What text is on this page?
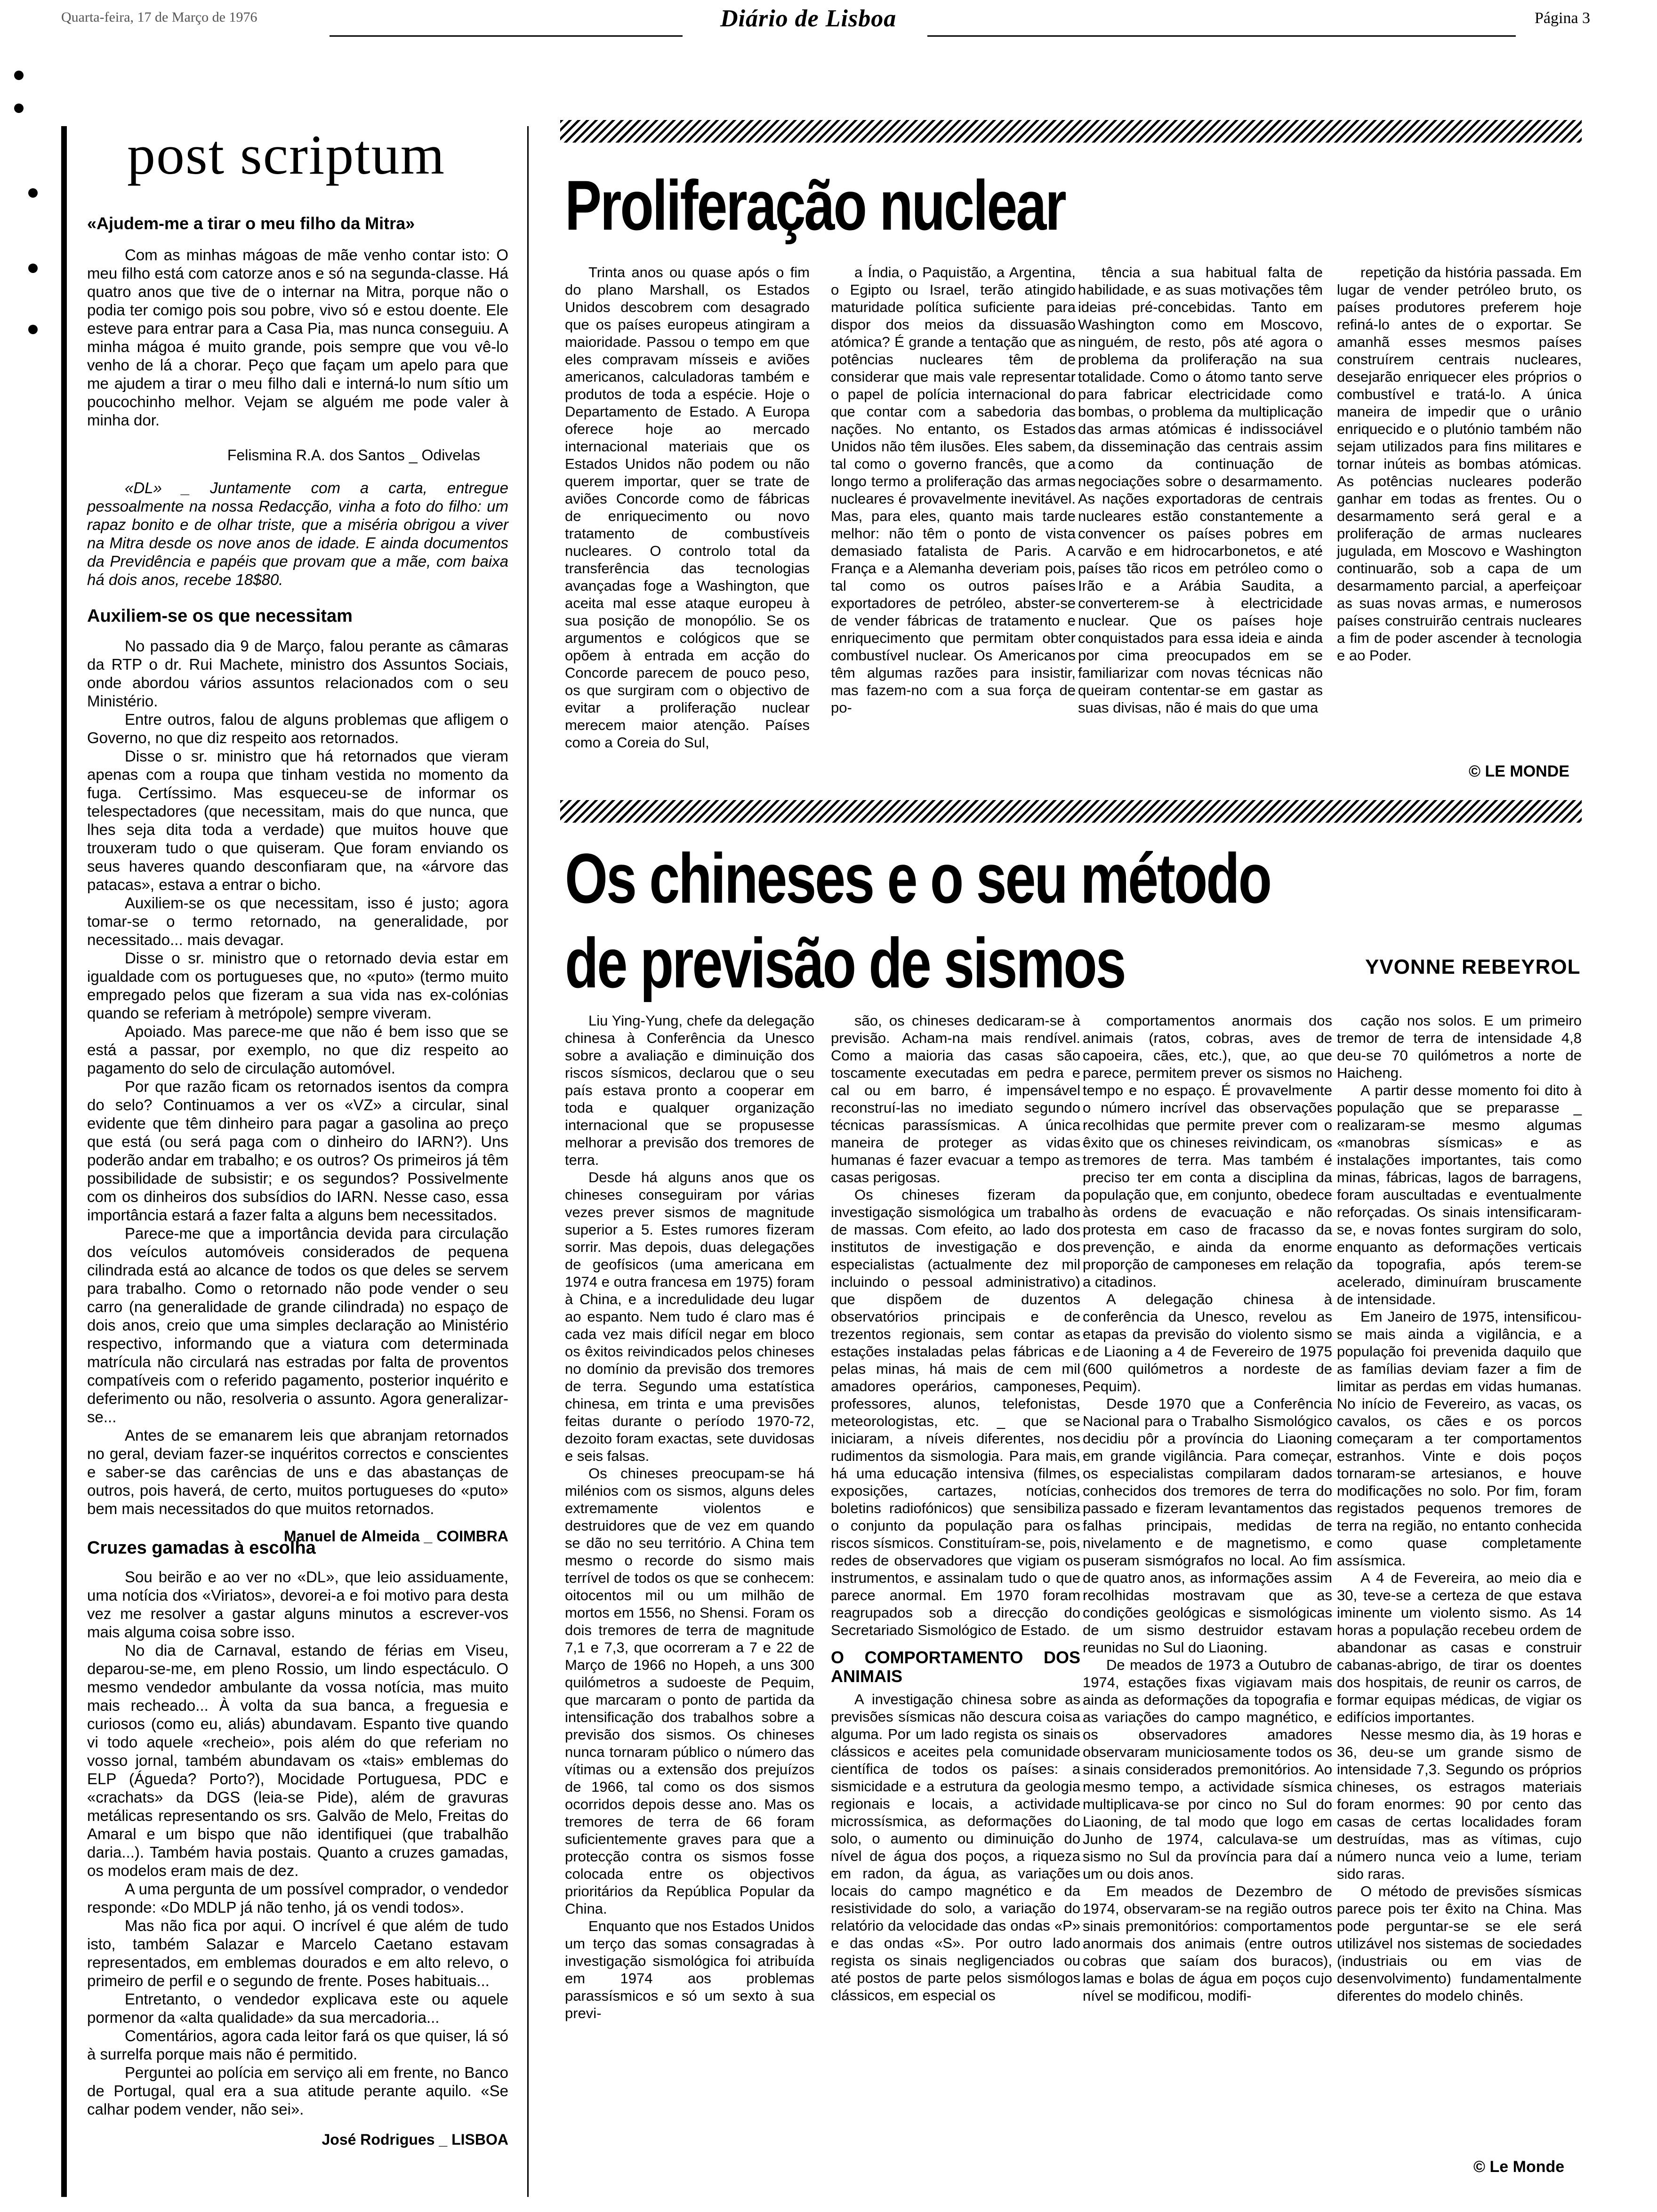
Quarta-feira, 17 de Março de 1976	Diário de Lisboa	Página 3
post scriptum
«Ajudem-me a tirar o meu filho da Mitra»

Com as minhas mágoas de mãe venho contar isto: O meu filho está com catorze anos e só na segunda-classe. Há quatro anos que tive de o internar na Mitra, porque não o podia ter comigo pois sou pobre, vivo só e estou doente. Ele esteve para entrar para a Casa Pia, mas nunca conseguiu. A minha mágoa é muito grande, pois sempre que vou vê-lo venho de lá a chorar. Peço que façam um apelo para que me ajudem a tirar o meu filho dali e interná-lo num sítio um poucochinho melhor. Vejam se alguém me pode valer à minha dor.

Felismina R.A. dos Santos _ Odivelas

«DL» _ Juntamente com a carta, entregue pessoalmente na nossa Redacção, vinha a foto do filho: um rapaz bonito e de olhar triste, que a miséria obrigou a viver na Mitra desde os nove anos de idade. E ainda documentos da Previdência e papéis que provam que a mãe, com baixa há dois anos, recebe 18$80.

Auxiliem-se os que necessitam

No passado dia 9 de Março, falou perante as câmaras da RTP o dr. Rui Machete, ministro dos Assuntos Sociais, onde abordou vários assuntos relacionados com o seu Ministério.

Entre outros, falou de alguns problemas que afligem o Governo, no que diz respeito aos retornados.

Disse o sr. ministro que há retornados que vieram apenas com a roupa que tinham vestida no momento da fuga. Certíssimo. Mas esqueceu-se de informar os telespectadores (que necessitam, mais do que nunca, que lhes seja dita toda a verdade) que muitos houve que trouxeram tudo o que quiseram. Que foram enviando os seus haveres quando desconfiaram que, na «árvore das patacas», estava a entrar o bicho.

Auxiliem-se os que necessitam, isso é justo; agora tomar-se o termo retornado, na generalidade, por necessitado... mais devagar.

Disse o sr. ministro que o retornado devia estar em igualdade com os portugueses que, no «puto» (termo muito empregado pelos que fizeram a sua vida nas ex-colónias quando se referiam à metrópole) sempre viveram.

Apoiado. Mas parece-me que não é bem isso que se está a passar, por exemplo, no que diz respeito ao pagamento do selo de circulação automóvel.

Por que razão ficam os retornados isentos da compra do selo? Continuamos a ver os «VZ» a circular, sinal evidente que têm dinheiro para pagar a gasolina ao preço que está (ou será paga com o dinheiro do IARN?). Uns poderão andar em trabalho; e os outros? Os primeiros já têm possibilidade de subsistir; e os segundos? Possivelmente com os dinheiros dos subsídios do IARN. Nesse caso, essa importância estará a fazer falta a alguns bem necessitados.

Parece-me que a importância devida para circulação dos veículos automóveis considerados de pequena cilindrada está ao alcance de todos os que deles se servem para trabalho. Como o retornado não pode vender o seu carro (na generalidade de grande cilindrada) no espaço de dois anos, creio que uma simples declaração ao Ministério respectivo, informando que a viatura com determinada matrícula não circulará nas estradas por falta de proventos compatíveis com o referido pagamento, posterior inquérito e deferimento ou não, resolveria o assunto. Agora generalizar-se...

Antes de se emanarem leis que abranjam retornados no geral, deviam fazer-se inquéritos correctos e conscientes e saber-se das carências de uns e das abastanças de outros, pois haverá, de certo, muitos portugueses do «puto» bem mais necessitados do que muitos retornados.

Manuel de Almeida _ COIMBRA
Cruzes gamadas à escolha

Sou beirão e ao ver no «DL», que leio assiduamente, uma notícia dos «Viriatos», devorei-a e foi motivo para desta vez me resolver a gastar alguns minutos a escrever-vos mais alguma coisa sobre isso.

No dia de Carnaval, estando de férias em Viseu, deparou-se-me, em pleno Rossio, um lindo espectáculo. O mesmo vendedor ambulante da vossa notícia, mas muito mais recheado... À volta da sua banca, a freguesia e curiosos (como eu, aliás) abundavam. Espanto tive quando vi todo aquele «recheio», pois além do que referiam no vosso jornal, também abundavam os «tais» emblemas do ELP (Águeda? Porto?), Mocidade Portuguesa, PDC e «crachats» da DGS (leia-se Pide), além de gravuras metálicas representando os srs. Galvão de Melo, Freitas do Amaral e um bispo que não identifiquei (que trabalhão daria...). Também havia postais. Quanto a cruzes gamadas, os modelos eram mais de dez.

A uma pergunta de um possível comprador, o vendedor responde: «Do MDLP já não tenho, já os vendi todos».

Mas não fica por aqui. O incrível é que além de tudo isto, também Salazar e Marcelo Caetano estavam representados, em emblemas dourados e em alto relevo, o primeiro de perfil e o segundo de frente. Poses habituais...

Entretanto, o vendedor explicava este ou aquele pormenor da «alta qualidade» da sua mercadoria...

Comentários, agora cada leitor fará os que quiser, lá só à surrelfa porque mais não é permitido.

Perguntei ao polícia em serviço ali em frente, no Banco de Portugal, qual era a sua atitude perante aquilo. «Se calhar podem vender, não sei».

José Rodrigues _ LISBOA
Proliferação nuclear

Trinta anos ou quase após o fim do plano Marshall, os Estados Unidos descobrem com desagrado que os países europeus atingiram a maioridade. Passou o tempo em que eles compravam mísseis e aviões americanos, calculadoras também e produtos de toda a espécie. Hoje o Departamento de Estado. A Europa oferece hoje ao mercado internacional materiais que os Estados Unidos não podem ou não querem importar, quer se trate de aviões Concorde como de fábricas de enriquecimento ou novo tratamento de combustíveis nucleares. O controlo total da transferência das tecnologias avançadas foge a Washington, que aceita mal esse ataque europeu à sua posição de monopólio. Se os argumentos e cológicos que se opõem à entrada em acção do Concorde parecem de pouco peso, os que surgiram com o objectivo de evitar a proliferação nuclear merecem maior atenção. Países como a Coreia do Sul,

a Índia, o Paquistão, a Argentina, o Egipto ou Israel, terão atingido maturidade política suficiente para dispor dos meios da dissuasão atómica? É grande a tentação que as potências nucleares têm de considerar que mais vale representar o papel de polícia internacional do que contar com a sabedoria das nações. No entanto, os Estados Unidos não têm ilusões. Eles sabem, tal como o governo francês, que a longo termo a proliferação das armas nucleares é provavelmente inevitável. Mas, para eles, quanto mais tarde melhor: não têm o ponto de vista demasiado fatalista de Paris. A França e a Alemanha deveriam pois, tal como os outros países exportadores de petróleo, abster-se de vender fábricas de tratamento e enriquecimento que permitam obter combustível nuclear. Os Americanos têm algumas razões para insistir, mas fazem-no com a sua força de po-

tência a sua habitual falta de habilidade, e as suas motivações têm ideias pré-concebidas. Tanto em Washington como em Moscovo, ninguém, de resto, pôs até agora o problema da proliferação na sua totalidade. Como o átomo tanto serve para fabricar electricidade como bombas, o problema da multiplicação das armas atómicas é indissociável da disseminação das centrais assim como da continuação de negociações sobre o desarmamento. As nações exportadoras de centrais nucleares estão constantemente a convencer os países pobres em carvão e em hidrocarbonetos, e até países tão ricos em petróleo como o Irão e a Arábia Saudita, a converterem-se à electricidade nuclear. Que os países hoje conquistados para essa ideia e ainda por cima preocupados em se familiarizar com novas técnicas não queiram contentar-se em gastar as suas divisas, não é mais do que uma

repetição da história passada. Em lugar de vender petróleo bruto, os países produtores preferem hoje refiná-lo antes de o exportar. Se amanhã esses mesmos países construírem centrais nucleares, desejarão enriquecer eles próprios o combustível e tratá-lo. A única maneira de impedir que o urânio enriquecido e o plutónio também não sejam utilizados para fins militares e tornar inúteis as bombas atómicas. As potências nucleares poderão ganhar em todas as frentes. Ou o desarmamento será geral e a proliferação de armas nucleares jugulada, em Moscovo e Washington continuarão, sob a capa de um desarmamento parcial, a aperfeiçoar as suas novas armas, e numerosos países construirão centrais nucleares a fim de poder ascender à tecnologia e ao Poder.

© LE MONDE
Os chineses e o seu método
de previsão de sismos	YVONNE REBEYROL

Liu Ying-Yung, chefe da delegação chinesa à Conferência da Unesco sobre a avaliação e diminuição dos riscos sísmicos, declarou que o seu país estava pronto a cooperar em toda e qualquer organização internacional que se propusesse melhorar a previsão dos tremores de terra.

Desde há alguns anos que os chineses conseguiram por várias vezes prever sismos de magnitude superior a 5. Estes rumores fizeram sorrir. Mas depois, duas delegações de geofísicos (uma americana em 1974 e outra francesa em 1975) foram à China, e a incredulidade deu lugar ao espanto. Nem tudo é claro mas é cada vez mais difícil negar em bloco os êxitos reivindicados pelos chineses no domínio da previsão dos tremores de terra. Segundo uma estatística chinesa, em trinta e uma previsões feitas durante o período 1970-72, dezoito foram exactas, sete duvidosas e seis falsas.

Os chineses preocupam-se há milénios com os sismos, alguns deles extremamente violentos e destruidores que de vez em quando se dão no seu território. A China tem mesmo o recorde do sismo mais terrível de todos os que se conhecem: oitocentos mil ou um milhão de mortos em 1556, no Shensi. Foram os dois tremores de terra de magnitude 7,1 e 7,3, que ocorreram a 7 e 22 de Março de 1966 no Hopeh, a uns 300 quilómetros a sudoeste de Pequim, que marcaram o ponto de partida da intensificação dos trabalhos sobre a previsão dos sismos. Os chineses nunca tornaram público o número das vítimas ou a extensão dos prejuízos de 1966, tal como os dos sismos ocorridos depois desse ano. Mas os tremores de terra de 66 foram suficientemente graves para que a protecção contra os sismos fosse colocada entre os objectivos prioritários da República Popular da China.

Enquanto que nos Estados Unidos um terço das somas consagradas à investigação sismológica foi atribuída em 1974 aos problemas parassísmicos e só um sexto à sua previ-

são, os chineses dedicaram-se à previsão. Acham-na mais rendível. Como a maioria das casas são toscamente executadas em pedra e cal ou em barro, é impensável reconstruí-las no imediato segundo técnicas parassísmicas. A única maneira de proteger as vidas humanas é fazer evacuar a tempo as casas perigosas.

Os chineses fizeram da investigação sismológica um trabalho de massas. Com efeito, ao lado dos institutos de investigação e dos especialistas (actualmente dez mil incluindo o pessoal administrativo) que dispõem de duzentos observatórios principais e de trezentos regionais, sem contar as estações instaladas pelas fábricas e pelas minas, há mais de cem mil amadores operários, camponeses, professores, alunos, telefonistas, meteorologistas, etc. _ que se iniciaram, a níveis diferentes, nos rudimentos da sismologia. Para mais, há uma educação intensiva (filmes, exposições, cartazes, notícias, boletins radiofónicos) que sensibiliza o conjunto da população para os riscos sísmicos. Constituíram-se, pois, redes de observadores que vigiam os instrumentos, e assinalam tudo o que parece anormal. Em 1970 foram reagrupados sob a direcção do Secretariado Sismológico de Estado.

O COMPORTAMENTO DOS ANIMAIS

A investigação chinesa sobre as previsões sísmicas não descura coisa alguma. Por um lado regista os sinais clássicos e aceites pela comunidade científica de todos os países: a sismicidade e a estrutura da geologia regionais e locais, a actividade microssísmica, as deformações do solo, o aumento ou diminuição do nível de água dos poços, a riqueza em radon, da água, as variações locais do campo magnético e da resistividade do solo, a variação do relatório da velocidade das ondas «P» e das ondas «S». Por outro lado regista os sinais negligenciados ou até postos de parte pelos sismólogos clássicos, em especial os

comportamentos anormais dos animais (ratos, cobras, aves de capoeira, cães, etc.), que, ao que parece, permitem prever os sismos no tempo e no espaço. É provavelmente o número incrível das observações recolhidas que permite prever com o êxito que os chineses reivindicam, os tremores de terra. Mas também é preciso ter em conta a disciplina da população que, em conjunto, obedece às ordens de evacuação e não protesta em caso de fracasso da prevenção, e ainda da enorme proporção de camponeses em relação a citadinos.

A delegação chinesa à conferência da Unesco, revelou as etapas da previsão do violento sismo de Liaoning a 4 de Fevereiro de 1975 (600 quilómetros a nordeste de Pequim).

Desde 1970 que a Conferência Nacional para o Trabalho Sismológico decidiu pôr a província do Liaoning em grande vigilância. Para começar, os especialistas compilaram dados conhecidos dos tremores de terra do passado e fizeram levantamentos das falhas principais, medidas de nivelamento e de magnetismo, e puseram sismógrafos no local. Ao fim de quatro anos, as informações assim recolhidas mostravam que as condições geológicas e sismológicas de um sismo destruidor estavam reunidas no Sul do Liaoning.

De meados de 1973 a Outubro de 1974, estações fixas vigiavam mais ainda as deformações da topografia e as variações do campo magnético, e os observadores amadores observaram municiosamente todos os sinais considerados premonitórios. Ao mesmo tempo, a actividade sísmica multiplicava-se por cinco no Sul do Liaoning, de tal modo que logo em Junho de 1974, calculava-se um sismo no Sul da província para daí a um ou dois anos.

Em meados de Dezembro de 1974, observaram-se na região outros sinais premonitórios: comportamentos anormais dos animais (entre outros cobras que saíam dos buracos), lamas e bolas de água em poços cujo nível se modificou, modifi-

cação nos solos. E um primeiro tremor de terra de intensidade 4,8 deu-se 70 quilómetros a norte de Haicheng.

A partir desse momento foi dito à população que se preparasse _ realizaram-se mesmo algumas «manobras sísmicas» e as instalações importantes, tais como minas, fábricas, lagos de barragens, foram auscultadas e eventualmente reforçadas. Os sinais intensificaram-se, e novas fontes surgiram do solo, enquanto as deformações verticais da topografia, após terem-se acelerado, diminuíram bruscamente de intensidade.

Em Janeiro de 1975, intensificou-se mais ainda a vigilância, e a população foi prevenida daquilo que as famílias deviam fazer a fim de limitar as perdas em vidas humanas. No início de Fevereiro, as vacas, os cavalos, os cães e os porcos começaram a ter comportamentos estranhos. Vinte e dois poços tornaram-se artesianos, e houve modificações no solo. Por fim, foram registados pequenos tremores de terra na região, no entanto conhecida como quase completamente assísmica.

A 4 de Fevereira, ao meio dia e 30, teve-se a certeza de que estava iminente um violento sismo. As 14 horas a população recebeu ordem de abandonar as casas e construir cabanas-abrigo, de tirar os doentes dos hospitais, de reunir os carros, de formar equipas médicas, de vigiar os edifícios importantes.

Nesse mesmo dia, às 19 horas e 36, deu-se um grande sismo de intensidade 7,3. Segundo os próprios chineses, os estragos materiais foram enormes: 90 por cento das casas de certas localidades foram destruídas, mas as vítimas, cujo número nunca veio a lume, teriam sido raras.

O método de previsões sísmicas parece pois ter êxito na China. Mas pode perguntar-se se ele será utilizável nos sistemas de sociedades (industriais ou em vias de desenvolvimento) fundamentalmente diferentes do modelo chinês.

© Le Monde
